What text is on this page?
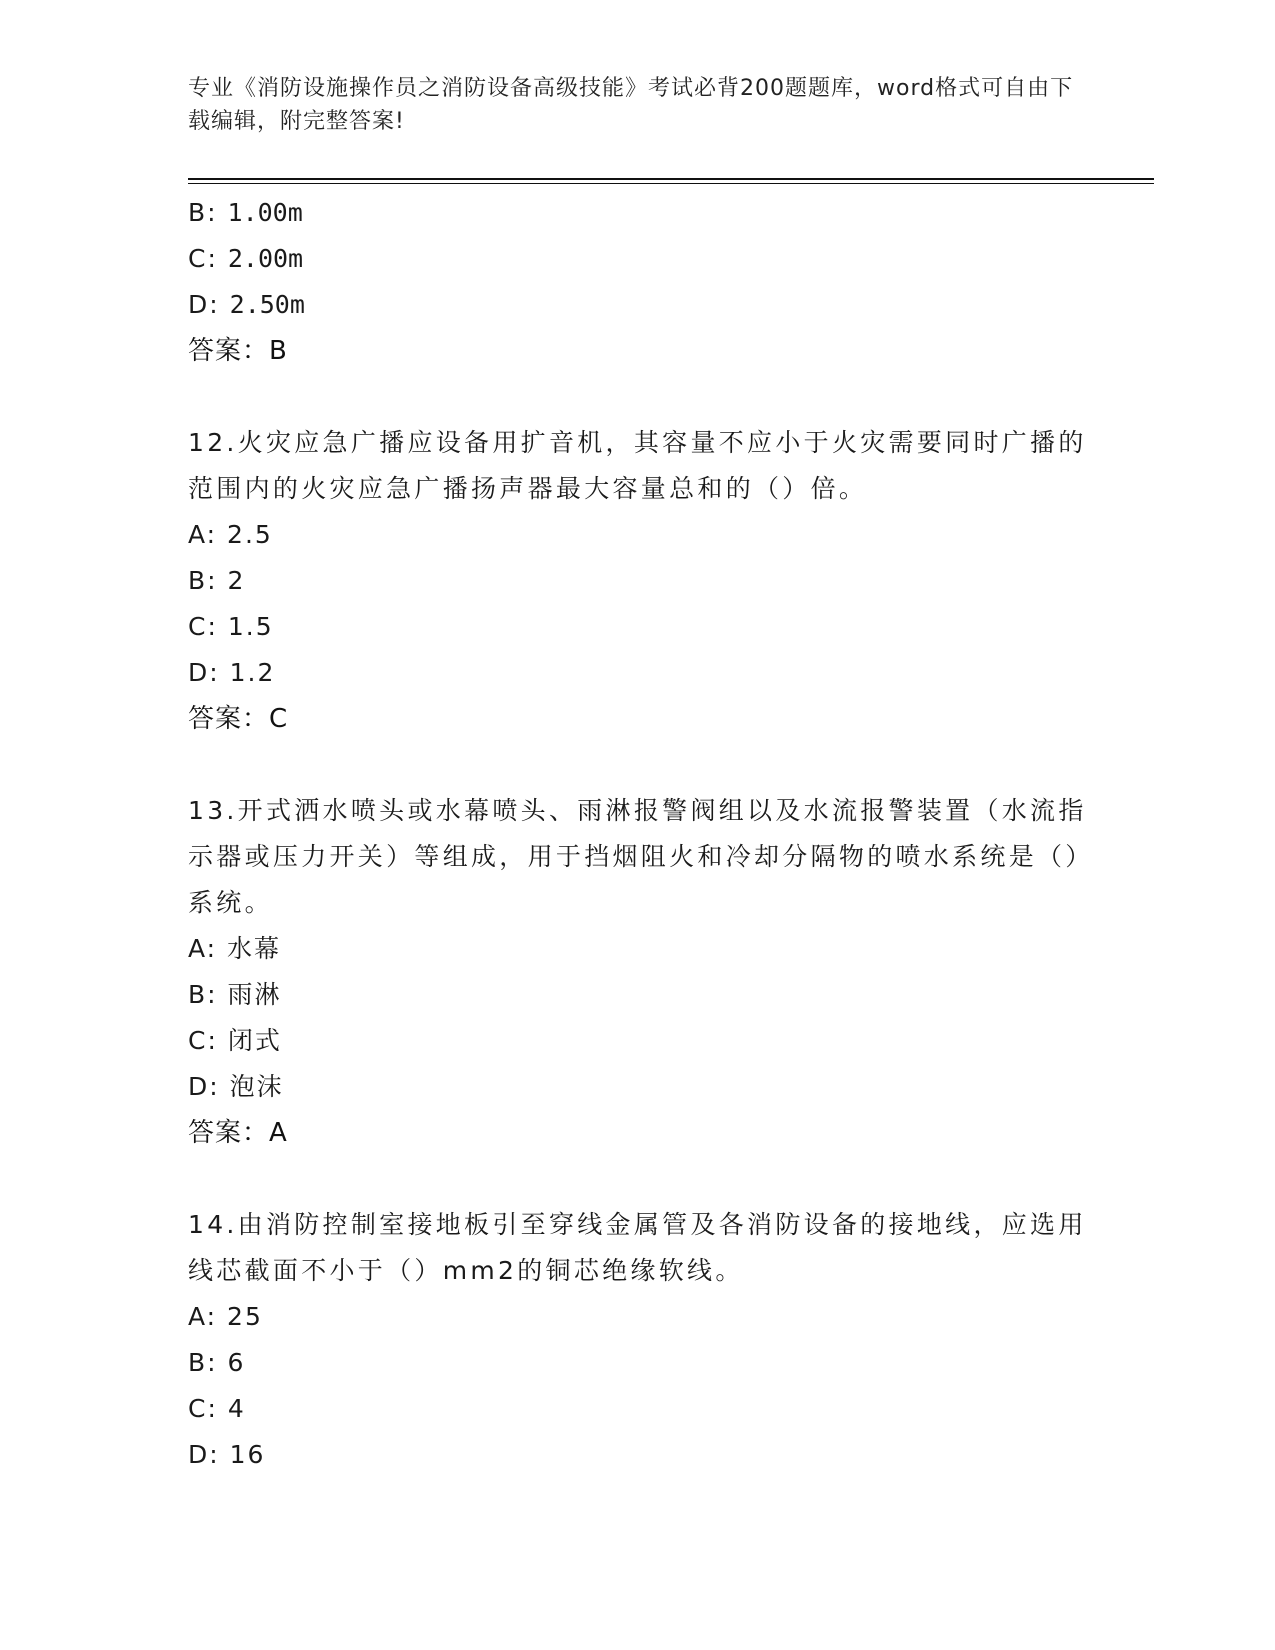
专业《消防设施操作员之消防设备高级技能》考试必背200题题库，word格式可自由下载编辑，附完整答案!
B: 1.00m
C: 2.00m
D: 2.50m
答案：B
12.火灾应急广播应设备用扩音机，其容量不应小于火灾需要同时广播的范围内的火灾应急广播扬声器最大容量总和的（）倍。
A: 2.5
B: 2
C: 1.5
D: 1.2
答案：C
13.开式洒水喷头或水幕喷头、雨淋报警阀组以及水流报警装置（水流指示器或压力开关）等组成，用于挡烟阻火和冷却分隔物的喷水系统是（）系统。
A: 水幕
B: 雨淋
C: 闭式
D: 泡沫
答案：A
14.由消防控制室接地板引至穿线金属管及各消防设备的接地线，应选用线芯截面不小于（）mm2的铜芯绝缘软线。
A: 25
B: 6
C: 4
D: 16
